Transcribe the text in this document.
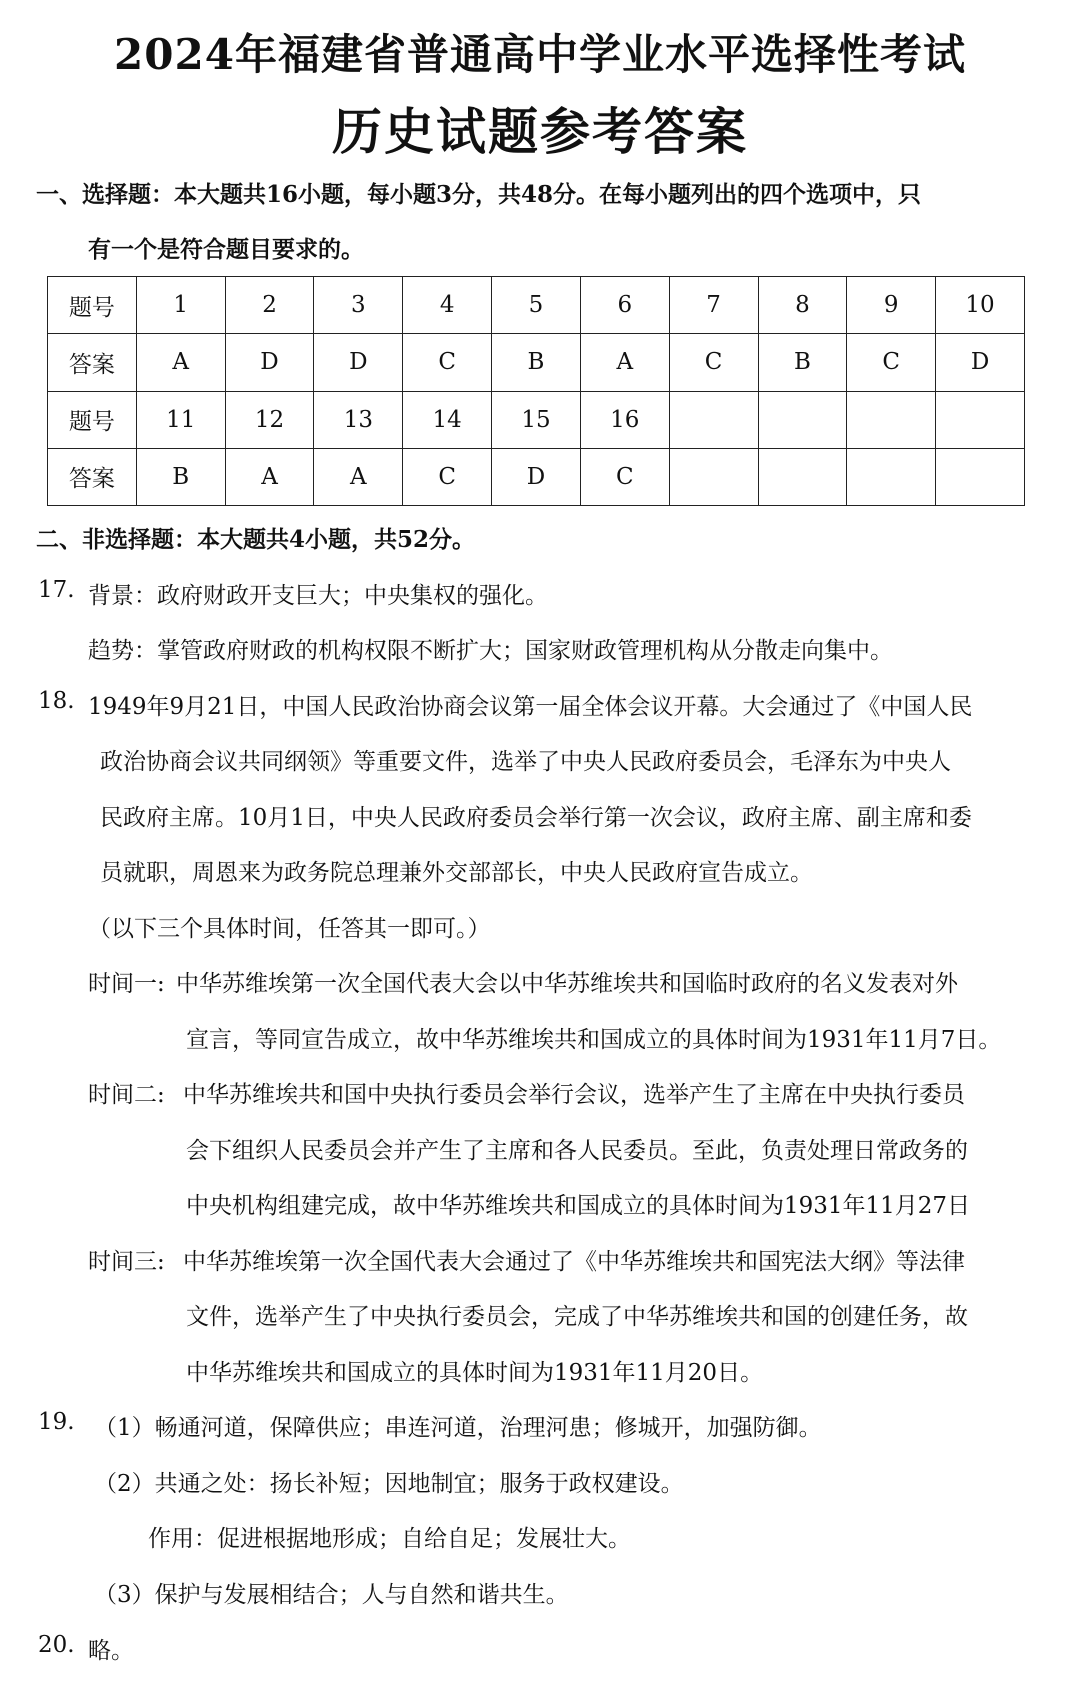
2024年福建省普通高中学业水平选择性考试
历史试题参考答案
一、选择题：本大题共16小题，每小题3分，共48分。在每小题列出的四个选项中，只
有一个是符合题目要求的。
题号	1	2	3	4	5	6	7	8	9	10
答案	A	D	D	C	B	A	C	B	C	D
题号	11	12	13	14	15	16				
答案	B	A	A	C	D	C				
二、非选择题：本大题共4小题，共52分。
17. 背景：政府财政开支巨大；中央集权的强化。
趋势：掌管政府财政的机构权限不断扩大；国家财政管理机构从分散走向集中。
18. 1949年9月21日，中国人民政治协商会议第一届全体会议开幕。大会通过了《中国人民
政治协商会议共同纲领》等重要文件，选举了中央人民政府委员会，毛泽东为中央人
民政府主席。10月1日，中央人民政府委员会举行第一次会议，政府主席、副主席和委
员就职，周恩来为政务院总理兼外交部部长，中央人民政府宣告成立。
（以下三个具体时间，任答其一即可。）
时间一: 中华苏维埃第一次全国代表大会以中华苏维埃共和国临时政府的名义发表对外
宣言，等同宣告成立，故中华苏维埃共和国成立的具体时间为1931年11月7日。
时间二: 中华苏维埃共和国中央执行委员会举行会议，选举产生了主席在中央执行委员
会下组织人民委员会并产生了主席和各人民委员。至此，负责处理日常政务的
中央机构组建完成，故中华苏维埃共和国成立的具体时间为1931年11月27日
时间三: 中华苏维埃第一次全国代表大会通过了《中华苏维埃共和国宪法大纲》等法律
文件，选举产生了中央执行委员会，完成了中华苏维埃共和国的创建任务，故
中华苏维埃共和国成立的具体时间为1931年11月20日。
19. （1）畅通河道，保障供应；串连河道，治理河患；修城开，加强防御。
（2）共通之处：扬长补短；因地制宜；服务于政权建设。
作用：促进根据地形成；自给自足；发展壮大。
（3）保护与发展相结合；人与自然和谐共生。
20. 略。
